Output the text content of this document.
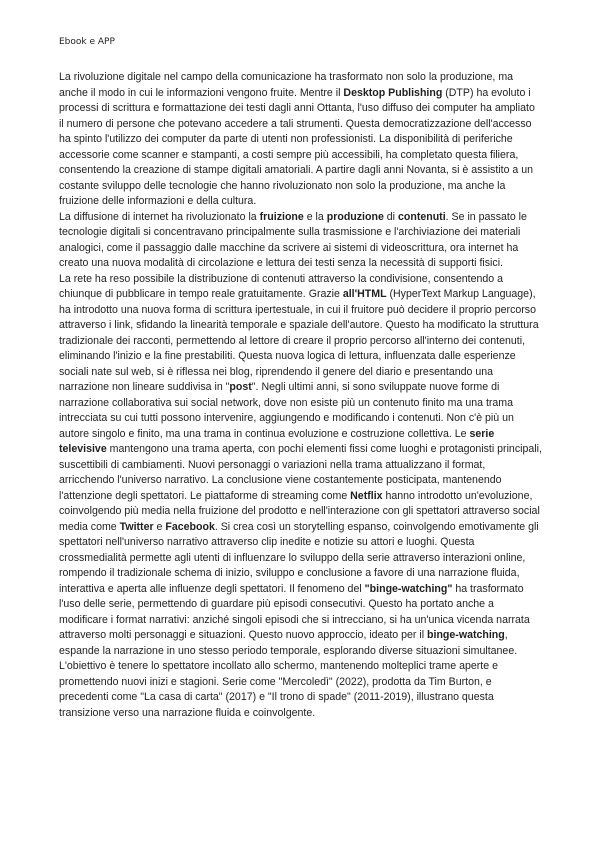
Ebook e APP

La rivoluzione digitale nel campo della comunicazione ha trasformato non solo la produzione, ma anche il modo in cui le informazioni vengono fruite. Mentre il Desktop Publishing (DTP) ha evoluto i processi di scrittura e formattazione dei testi dagli anni Ottanta, l'uso diffuso dei computer ha ampliato il numero di persone che potevano accedere a tali strumenti. Questa democratizzazione dell'accesso ha spinto l'utilizzo dei computer da parte di utenti non professionisti. La disponibilità di periferiche accessorie come scanner e stampanti, a costi sempre più accessibili, ha completato questa filiera, consentendo la creazione di stampe digitali amatoriali. A partire dagli anni Novanta, si è assistito a un costante sviluppo delle tecnologie che hanno rivoluzionato non solo la produzione, ma anche la fruizione delle informazioni e della cultura.

La diffusione di internet ha rivoluzionato la fruizione e la produzione di contenuti. Se in passato le tecnologie digitali si concentravano principalmente sulla trasmissione e l'archiviazione dei materiali analogici, come il passaggio dalle macchine da scrivere ai sistemi di videoscrittura, ora internet ha creato una nuova modalità di circolazione e lettura dei testi senza la necessità di supporti fisici.

La rete ha reso possibile la distribuzione di contenuti attraverso la condivisione, consentendo a chiunque di pubblicare in tempo reale gratuitamente. Grazie all'HTML (HyperText Markup Language), ha introdotto una nuova forma di scrittura ipertestuale, in cui il fruitore può decidere il proprio percorso attraverso i link, sfidando la linearità temporale e spaziale dell'autore. Questo ha modificato la struttura tradizionale dei racconti, permettendo al lettore di creare il proprio percorso all'interno dei contenuti, eliminando l'inizio e la fine prestabiliti. Questa nuova logica di lettura, influenzata dalle esperienze sociali nate sul web, si è riflessa nei blog, riprendendo il genere del diario e presentando una narrazione non lineare suddivisa in "post". Negli ultimi anni, si sono sviluppate nuove forme di narrazione collaborativa sui social network, dove non esiste più un contenuto finito ma una trama intrecciata su cui tutti possono intervenire, aggiungendo e modificando i contenuti. Non c'è più un autore singolo e finito, ma una trama in continua evoluzione e costruzione collettiva. Le serie televisive mantengono una trama aperta, con pochi elementi fissi come luoghi e protagonisti principali, suscettibili di cambiamenti. Nuovi personaggi o variazioni nella trama attualizzano il format, arricchendo l'universo narrativo. La conclusione viene costantemente posticipata, mantenendo l'attenzione degli spettatori. Le piattaforme di streaming come Netflix hanno introdotto un'evoluzione, coinvolgendo più media nella fruizione del prodotto e nell'interazione con gli spettatori attraverso social media come Twitter e Facebook. Si crea così un storytelling espanso, coinvolgendo emotivamente gli spettatori nell'universo narrativo attraverso clip inedite e notizie su attori e luoghi. Questa crossmedialità permette agli utenti di influenzare lo sviluppo della serie attraverso interazioni online, rompendo il tradizionale schema di inizio, sviluppo e conclusione a favore di una narrazione fluida, interattiva e aperta alle influenze degli spettatori. Il fenomeno del "binge-watching" ha trasformato l'uso delle serie, permettendo di guardare più episodi consecutivi. Questo ha portato anche a modificare i format narrativi: anziché singoli episodi che si intrecciano, si ha un'unica vicenda narrata attraverso molti personaggi e situazioni. Questo nuovo approccio, ideato per il binge-watching, espande la narrazione in uno stesso periodo temporale, esplorando diverse situazioni simultanee. L'obiettivo è tenere lo spettatore incollato allo schermo, mantenendo molteplici trame aperte e promettendo nuovi inizi e stagioni. Serie come "Mercoledì" (2022), prodotta da Tim Burton, e precedenti come "La casa di carta" (2017) e "Il trono di spade" (2011-2019), illustrano questa transizione verso una narrazione fluida e coinvolgente.
